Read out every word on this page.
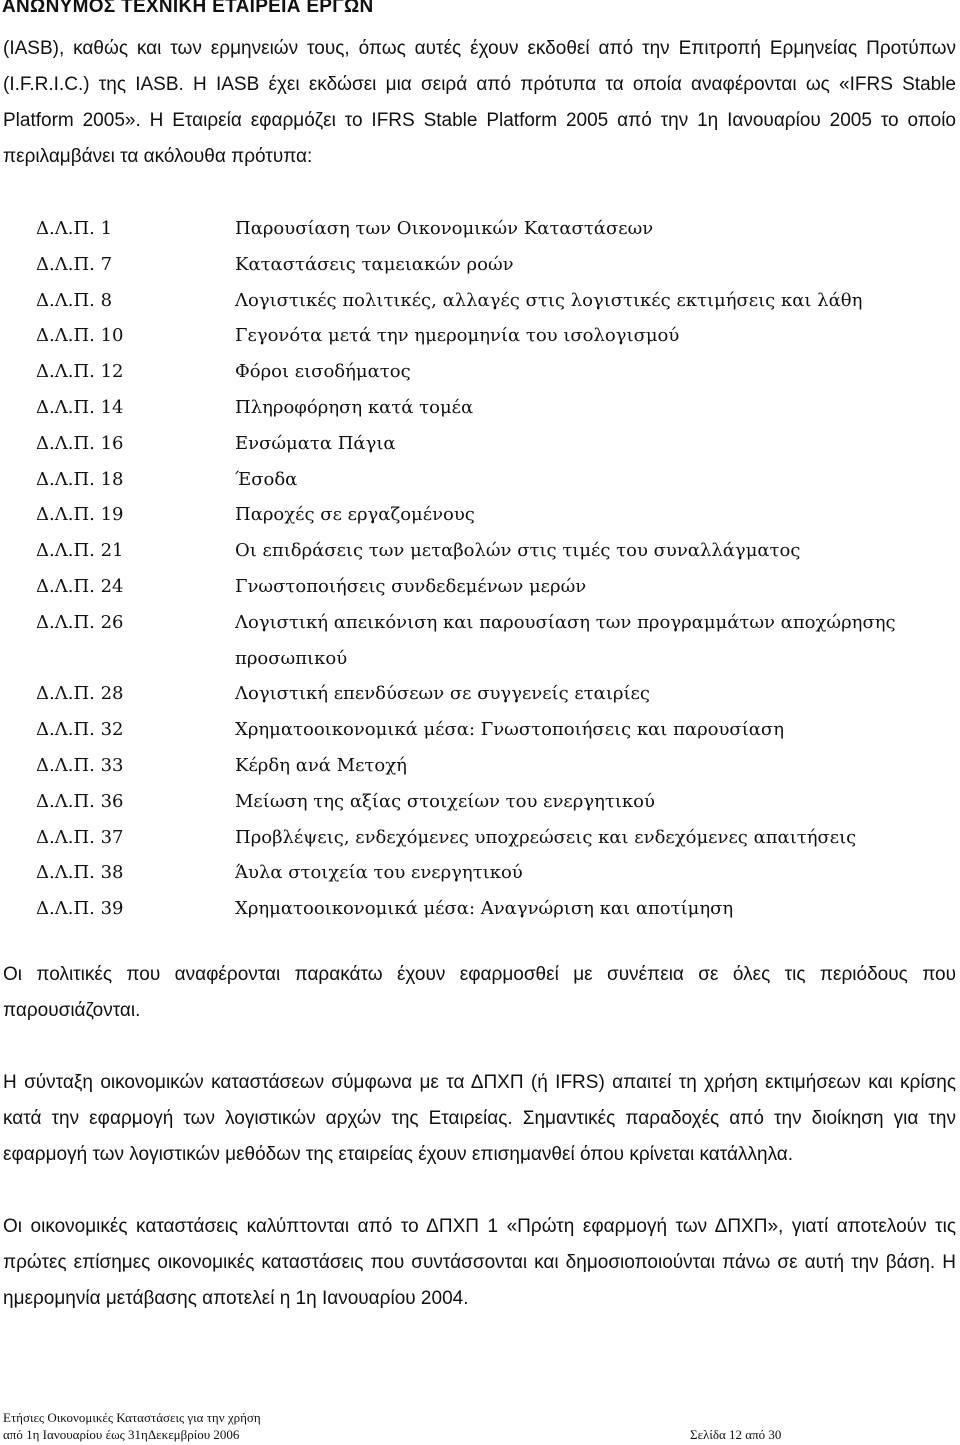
ΑΝΩΝΥΜΟΣ ΤΕΧΝΙΚΗ ΕΤΑΙΡΕΙΑ ΕΡΓΩΝ

(IASB), καθώς και των ερμηνειών τους, όπως αυτές έχουν εκδοθεί από την Επιτροπή Ερμηνείας Προτύπων (I.F.R.I.C.) της IASB. Η IASB έχει εκδώσει μια σειρά από πρότυπα τα οποία αναφέρονται ως «IFRS Stable Platform 2005». Η Εταιρεία εφαρμόζει το IFRS Stable Platform 2005 από την 1η Ιανουαρίου 2005 το οποίο περιλαμβάνει τα ακόλουθα πρότυπα:

Δ.Λ.Π. 1	Παρουσίαση των Οικονομικών Καταστάσεων
Δ.Λ.Π. 7	Καταστάσεις ταμειακών ροών
Δ.Λ.Π. 8	Λογιστικές πολιτικές, αλλαγές στις λογιστικές εκτιμήσεις και λάθη
Δ.Λ.Π. 10	Γεγονότα μετά την ημερομηνία του ισολογισμού
Δ.Λ.Π. 12	Φόροι εισοδήματος
Δ.Λ.Π. 14	Πληροφόρηση κατά τομέα
Δ.Λ.Π. 16	Ενσώματα Πάγια
Δ.Λ.Π. 18	Έσοδα
Δ.Λ.Π. 19	Παροχές σε εργαζομένους
Δ.Λ.Π. 21	Οι επιδράσεις των μεταβολών στις τιμές του συναλλάγματος
Δ.Λ.Π. 24	Γνωστοποιήσεις συνδεδεμένων μερών
Δ.Λ.Π. 26	Λογιστική απεικόνιση και παρουσίαση των προγραμμάτων αποχώρησης προσωπικού
Δ.Λ.Π. 28	Λογιστική επενδύσεων σε συγγενείς εταιρίες
Δ.Λ.Π. 32	Χρηματοοικονομικά μέσα: Γνωστοποιήσεις και παρουσίαση
Δ.Λ.Π. 33	Κέρδη ανά Μετοχή
Δ.Λ.Π. 36	Μείωση της αξίας στοιχείων του ενεργητικού
Δ.Λ.Π. 37	Προβλέψεις, ενδεχόμενες υποχρεώσεις και ενδεχόμενες απαιτήσεις
Δ.Λ.Π. 38	Άυλα στοιχεία του ενεργητικού
Δ.Λ.Π. 39	Χρηματοοικονομικά μέσα: Αναγνώριση και αποτίμηση

Οι πολιτικές που αναφέρονται παρακάτω έχουν εφαρμοσθεί με συνέπεια σε όλες τις περιόδους που παρουσιάζονται.

Η σύνταξη οικονομικών καταστάσεων σύμφωνα με τα ΔΠΧΠ (ή IFRS) απαιτεί τη χρήση εκτιμήσεων και κρίσης κατά την εφαρμογή των λογιστικών αρχών της Εταιρείας. Σημαντικές παραδοχές από την διοίκηση για την εφαρμογή των λογιστικών μεθόδων της εταιρείας έχουν επισημανθεί όπου κρίνεται κατάλληλα.

Οι οικονομικές καταστάσεις καλύπτονται από το ΔΠΧΠ 1 «Πρώτη εφαρμογή των ΔΠΧΠ», γιατί αποτελούν τις πρώτες επίσημες οικονομικές καταστάσεις που συντάσσονται και δημοσιοποιούνται πάνω σε αυτή την βάση. Η ημερομηνία μετάβασης αποτελεί η 1η Ιανουαρίου 2004.

Ετήσιες Οικονομικές Καταστάσεις για την χρήση
από 1η Ιανουαρίου έως 31ηΔεκεμβρίου 2006	Σελίδα 12 από 30
